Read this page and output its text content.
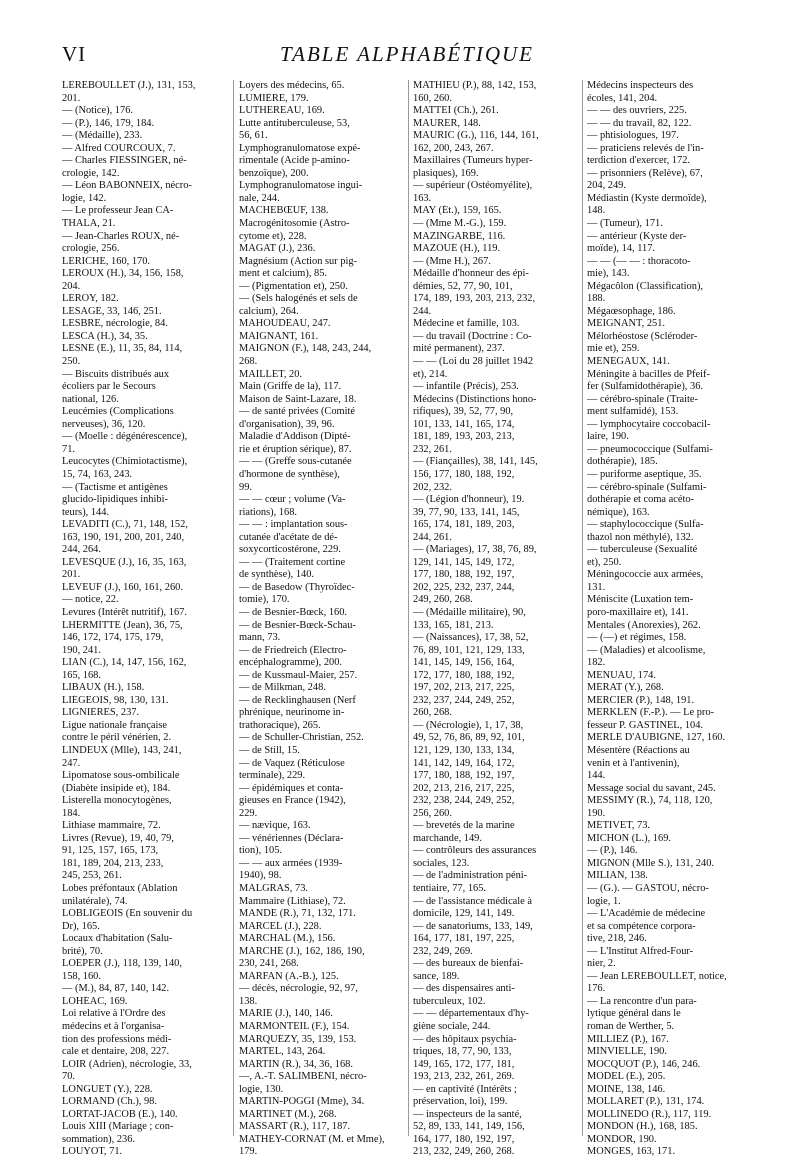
VI	TABLE ALPHABÉTIQUE
LEREBOULLET (J.), 131, 153,
201.
— (Notice), 176.
— (P.), 146, 179, 184.
— (Médaille), 233.
— Alfred COURCOUX, 7.
— Charles FIESSINGER, né-
crologie, 142.
— Léon BABONNEIX, nécro-
logie, 142.
— Le professeur Jean CA-
THALA, 21.
— Jean-Charles ROUX, né-
crologie, 256.
LERICHE, 160, 170.
LEROUX (H.), 34, 156, 158,
204.
LEROY, 182.
LESAGE, 33, 146, 251.
LESBRE, nécrologie, 84.
LESCA (H.), 34, 35.
LESNÉ (E.), 11, 35, 84, 114,
250.
— Biscuits distribués aux
écoliers par le Secours
national, 126.
Leucémies (Complications
nerveuses), 36, 120.
— (Moelle : dégénérescence),
71.
Leucocytes (Chimiotactisme),
15, 74, 163, 243.
— (Tactisme et antigènes
glucido-lipidiques inhibi-
teurs), 144.
LEVADITI (C.), 71, 148, 152,
163, 190, 191, 200, 201, 240,
244, 264.
LÉVESQUE (J.), 16, 35, 163,
201.
LEVEUF (J.), 160, 161, 260.
— notice, 22.
Levures (Intérêt nutritif), 167.
LHERMITTE (Jean), 36, 75,
146, 172, 174, 175, 179,
190, 241.
LIAN (C.), 14, 147, 156, 162,
165, 168.
LIBAUX (H.), 158.
LIÉGEOIS, 98, 130, 131.
LIGNIÈRES, 237.
Ligue nationale française
contre le péril vénérien, 2.
LINDEUX (Mlle), 143, 241,
247.
Lipomatose sous-ombilicale
(Diabète insipide et), 184.
Listerella monocytogènes,
184.
Lithiase mammaire, 72.
Livres (Revue), 19, 40, 79,
91, 125, 157, 165, 173,
181, 189, 204, 213, 233,
245, 253, 261.
Lobes préfontaux (Ablation
unilatérale), 74.
LOBLIGEOIS (En souvenir du
Dr), 165.
Locaux d'habitation (Salu-
brité), 70.
LOEPER (J.), 118, 139, 140,
158, 160.
— (M.), 84, 87, 140, 142.
LOHÉAC, 169.
Loi relative à l'Ordre des
médecins et à l'organisa-
tion des professions médi-
cale et dentaire, 208, 227.
LOIR (Adrien), nécrologie, 33,
70.
LONGUET (Y.), 228.
LORMAND (Ch.), 98.
LORTAT-JACOB (E.), 140.
Louis XIII (Mariage ; con-
sommation), 236.
LOUYOT, 71.
Loyers des médecins, 65.
LUMIÈRE, 179.
LUTHEREAU, 169.
Lutte antituberculeuse, 53,
56, 61.
Lymphogranulomatose expé-
rimentale (Acide p-amino-
benzoïque), 200.
Lymphogranulomatose ingui-
nale, 244.
MACHEBŒUF, 138.
Macrogénitosomie (Astro-
cytome et), 228.
MAGAT (J.), 236.
Magnésium (Action sur pig-
ment et calcium), 85.
— (Pigmentation et), 250.
— (Sels halogénés et sels de
calcium), 264.
MAHOUDEAU, 247.
MAIGNANT, 161.
MAIGNON (F.), 148, 243, 244,
268.
MAILLET, 20.
Main (Griffe de la), 117.
Maison de Saint-Lazare, 18.
— de santé privées (Comité
d'organisation), 39, 96.
Maladie d'Addison (Dipté-
rie et éruption sérique), 87.
— — (Greffe sous-cutanée
d'hormone de synthèse),
99.
— — cœur ; volume (Va-
riations), 168.
— — : implantation sous-
cutanée d'acétate de dé-
soxycorticostérone, 229.
— — (Traitement cortine
de synthèse), 140.
— de Basedow (Thyroïdec-
tomie), 170.
— de Besnier-Bœck, 160.
— de Besnier-Bœck-Schau-
mann, 73.
— de Friedreich (Électro-
encéphalogramme), 200.
— de Kussmaul-Maier, 257.
— de Milkman, 248.
— de Recklinghausen (Nerf
phrénique, neurinome in-
trathoracique), 265.
— de Schuller-Christian, 252.
— de Still, 15.
— de Vaquez (Réticulose
terminale), 229.
— épidémiques et conta-
gieuses en France (1942),
229.
— nævique, 163.
— vénériennes (Déclara-
tion), 105.
— — aux armées (1939-
1940), 98.
MALGRAS, 73.
Mammaire (Lithiase), 72.
MANDE (R.), 71, 132, 171.
MARCEL (J.), 228.
MARCHAL (M.), 156.
MARCHÉ (J.), 162, 186, 190,
230, 241, 268.
MARFAN (A.-B.), 125.
— décès, nécrologie, 92, 97,
138.
MARIE (J.), 140, 146.
MARMONTEIL (F.), 154.
MARQUÉZY, 35, 139, 153.
MARTEL, 143, 264.
MARTIN (R.), 34, 36, 168.
—, A.-T. SALIMBÉNI, nécro-
logie, 130.
MARTIN-POGGI (Mme), 34.
MARTINET (M.), 268.
MASSART (R.), 117, 187.
MATHEY-CORNAT (M. et Mme),
179.
MATHIEU (P.), 88, 142, 153,
160, 260.
MATTEI (Ch.), 261.
MAURER, 148.
MAURIC (G.), 116, 144, 161,
162, 200, 243, 267.
Maxillaires (Tumeurs hyper-
plasiques), 169.
— supérieur (Ostéomyélite),
163.
MAY (Ét.), 159, 165.
— (Mme M.-G.), 159.
MAZINGARBE, 116.
MAZOUÉ (H.), 119.
— (Mme H.), 267.
Médaille d'honneur des épi-
démies, 52, 77, 90, 101,
174, 189, 193, 203, 213, 232,
244.
Médecine et famille, 103.
— du travail (Doctrine : Co-
mité permanent), 237.
— — (Loi du 28 juillet 1942
et), 214.
— infantile (Précis), 253.
Médecins (Distinctions hono-
rifiques), 39, 52, 77, 90,
101, 133, 141, 165, 174,
181, 189, 193, 203, 213,
232, 261.
— (Fiançailles), 38, 141, 145,
156, 177, 180, 188, 192,
202, 232.
— (Légion d'honneur), 19.
39, 77, 90, 133, 141, 145,
165, 174, 181, 189, 203,
244, 261.
— (Mariages), 17, 38, 76, 89,
129, 141, 145, 149, 172,
177, 180, 188, 192, 197,
202, 225, 232, 237, 244,
249, 260, 268.
— (Médaille militaire), 90,
133, 165, 181, 213.
— (Naissances), 17, 38, 52,
76, 89, 101, 121, 129, 133,
141, 145, 149, 156, 164,
172, 177, 180, 188, 192,
197, 202, 213, 217, 225,
232, 237, 244, 249, 252,
260, 268.
— (Nécrologie), 1, 17, 38,
49, 52, 76, 86, 89, 92, 101,
121, 129, 130, 133, 134,
141, 142, 149, 164, 172,
177, 180, 188, 192, 197,
202, 213, 216, 217, 225,
232, 238, 244, 249, 252,
256, 260.
— brevetés de la marine
marchande, 149.
— contrôleurs des assurances
sociales, 123.
— de l'administration péni-
tentiaire, 77, 165.
— de l'assistance médicale à
domicile, 129, 141, 149.
— de sanatoriums, 133, 149,
164, 177, 181, 197, 225,
232, 249, 269.
— des bureaux de bienfai-
sance, 189.
— des dispensaires anti-
tuberculeux, 102.
— — départementaux d'hy-
giène sociale, 244.
— des hôpitaux psychia-
triques, 18, 77, 90, 133,
149, 165, 172, 177, 181,
193, 213, 232, 261, 269.
— en captivité (Intérêts ;
préservation, loi), 199.
— inspecteurs de la santé,
52, 89, 133, 141, 149, 156,
164, 177, 180, 192, 197,
213, 232, 249, 260, 268.
Médecins inspecteurs des
écoles, 141, 204.
— — des ouvriers, 225.
— — du travail, 82, 122.
— phtisiologues, 197.
— praticiens relevés de l'in-
terdiction d'exercer, 172.
— prisonniers (Relève), 67,
204, 249.
Médiastin (Kyste dermoïde),
148.
— (Tumeur), 171.
— antérieur (Kyste der-
moïde), 14, 117.
— — (— — : thoracoto-
mie), 143.
Mégacôlon (Classification),
188.
Mégaœsophage, 186.
MEIGNANT, 251.
Mélorhéostose (Scléroder-
mie et), 259.
MÉNÉGAUX, 141.
Méningite à bacilles de Pfeif-
fer (Sulfamidothérapie), 36.
— cérébro-spinale (Traite-
ment sulfamidé), 153.
— lymphocytaire coccobacil-
laire, 190.
— pneumococcique (Sulfami-
dothérapie), 185.
— puriforme aseptique, 35.
— cérébro-spinale (Sulfami-
dothérapie et coma acéto-
némique), 163.
— staphylococcique (Sulfa-
thazol non méthylé), 132.
— tuberculeuse (Sexualité
et), 250.
Méningococcie aux armées,
131.
Méniscite (Luxation tem-
poro-maxillaire et), 141.
Mentales (Anorexies), 262.
— (—) et régimes, 158.
— (Maladies) et alcoolisme,
182.
MENUAU, 174.
MÉRAT (Y.), 268.
MERCIER (P.), 148, 191.
MERKLEN (F.-P.). — Le pro-
fesseur P. GASTINEL, 104.
MERLE D'AUBIGNÉ, 127, 160.
Mésentère (Réactions au
venin et à l'antivenin),
144.
Message social du savant, 245.
MESSIMY (R.), 74, 118, 120,
190.
MÉTIVET, 73.
MICHON (L.), 169.
— (P.), 146.
MIGNON (Mlle S.), 131, 240.
MILIAN, 138.
— (G.). — GASTOU, nécro-
logie, 1.
— L'Académie de médecine
et sa compétence corpora-
tive, 218, 246.
— L'Institut Alfred-Four-
nier, 2.
— Jean LEREBOULLET, notice,
176.
— La rencontre d'un para-
lytique général dans le
roman de Werther, 5.
MILLIEZ (P.), 167.
MINVIELLE, 190.
MOCQUOT (P.), 146, 246.
MODEL (E.), 205.
MOINE, 138, 146.
MOLLARET (P.), 131, 174.
MOLLINEDO (R.), 117, 119.
MONDON (H.), 168, 185.
MONDOR, 190.
MONGES, 163, 171.
